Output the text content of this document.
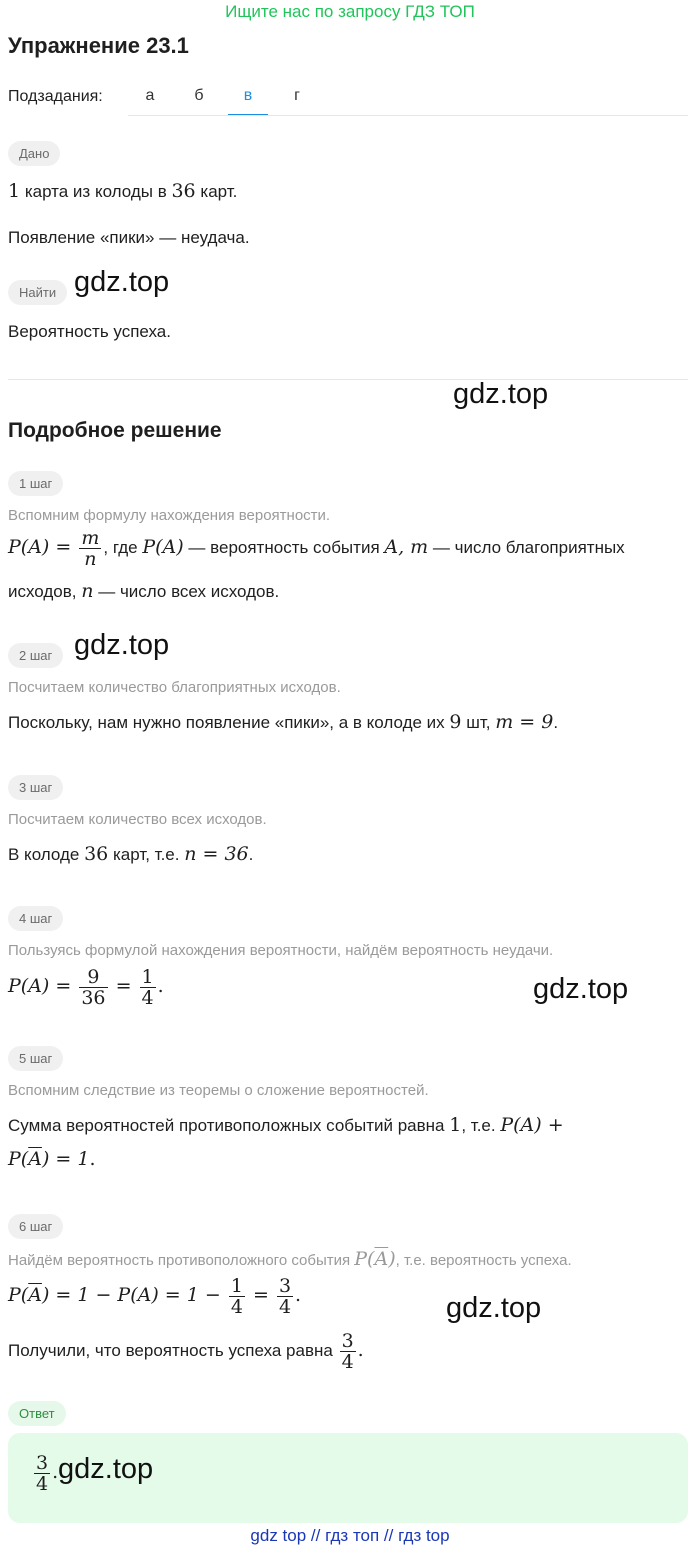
Ищите нас по запросу ГДЗ ТОП
Упражнение 23.1
Подзадания:	а	б	в	г
Дано
1 карта из колоды в 36 карт.
Появление «пики» — неудача.
Найти gdz.top
Вероятность успеха.
gdz.top
Подробное решение
1 шаг
Вспомним формулу нахождения вероятности.
$P(A) = \frac{m}{n}$ , где P(A) — вероятность события A, m — число благоприятных
исходов, n — число всех исходов.
2 шаг gdz.top
Посчитаем количество благоприятных исходов.
Поскольку, нам нужно появление «пики», а в колоде их 9 шт, m = 9.
3 шаг
Посчитаем количество всех исходов.
В колоде 36 карт, т.е. n = 36.
4 шаг
Пользуясь формулой нахождения вероятности, найдём вероятность неудачи.
$P(A) = \frac{9}{36} = \frac{1}{4}$ .	gdz.top
5 шаг
Вспомним следствие из теоремы о сложение вероятностей.
Сумма вероятностей противоположных событий равна 1, т.е. P(A) +
$P(\overline{A}) = 1$.
6 шаг
Найдём вероятность противоположного события $P(\overline{A})$, т.е. вероятность успеха.
$P(\overline{A}) = 1 - P(A) = 1 - \frac{1}{4} = \frac{3}{4}$ .	gdz.top
Получили, что вероятность успеха равна $\frac{3}{4}$ .
Ответ
$\frac{3}{4}$ . gdz.top
gdz top // гдз топ // гдз top
